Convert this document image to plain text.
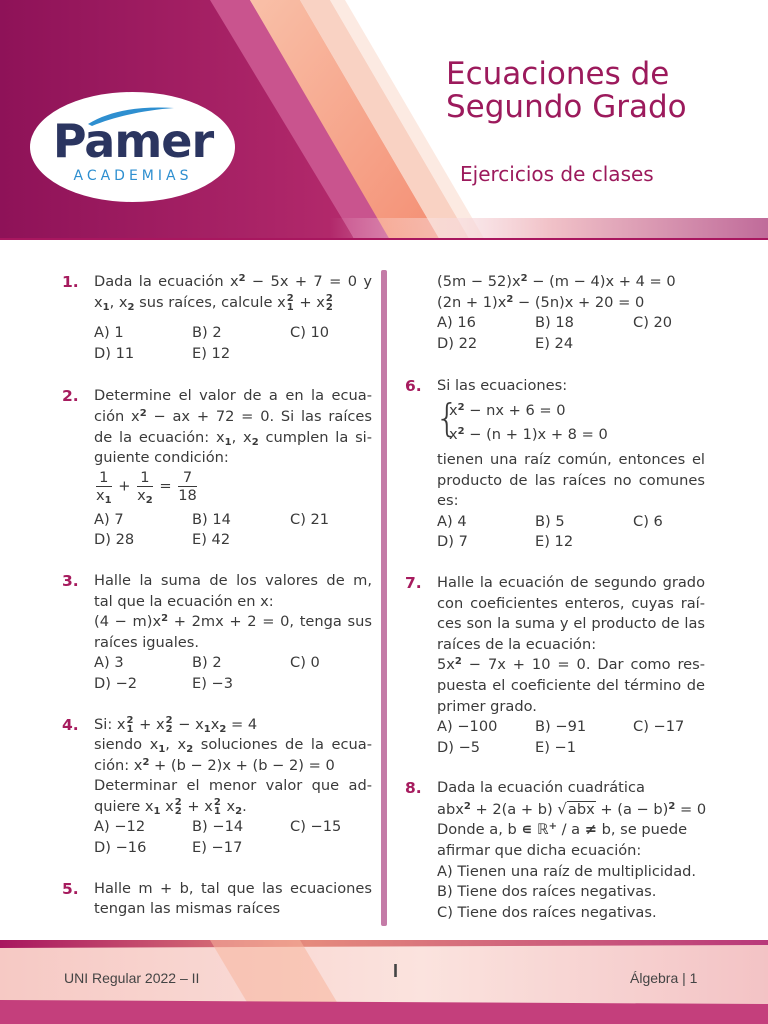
Pamer
ACADEMIAS
Ecuaciones de
Segundo Grado
Ejercicios de clases
1. Dada la ecuación $x^2 - 5x + 7 = 0$ y
$x_1$, $x_2$ sus raíces, calcule x 2
1 + x 2
2
A) 1	B) 2	C) 10
D) 11	E) 12
2. Determine el valor de a en la ecua-
ción $x^2$ − ax + 72 = 0. Si las raíces
de la ecuación: $x_1$, $x_2$ cumplen la si-
guiente condición:
$\frac{1}{x_1} + \frac{1}{x_2} = \frac{7}{18}$
A) 7	B) 14	C) 21
D) 28	E) 42
3. Halle la suma de los valores de m,
tal que la ecuación en x:
$(4 - m)x^2 + 2mx + 2 = 0$, tenga sus
raíces iguales.
A) 3	B) 2	C) 0
D) −2	E) −3
4. Si: x 2
1 + x 2
$2 - x_1x_2 = 4$
siendo $x_1$, $x_2$ soluciones de la ecua-
ción: $x^2 + (b - 2)x + (b - 2) = 0$
Determinar el menor valor que ad-
quiere $x_1$ x 2
2 + x 2
1 $x_2$.
A) −12	B) −14	C) −15
D) −16	E) −17
5. Halle m + b, tal que las ecuaciones
tengan las mismas raíces
$(5m - 52)x^2 - (m - 4)x + 4 = 0$
$(2n + 1)x^2 - (5n)x + 20 = 0$
A) 16	B) 18	C) 20
D) 22	E) 24
6. Si las ecuaciones:
{ $x^2$ − nx + 6 = 0
$x^2 - (n + 1)x + 8 = 0$
tienen una raíz común, entonces el
producto de las raíces no comunes
es:
A) 4	B) 5	C) 6
D) 7	E) 12
7. Halle la ecuación de segundo grado
con coeficientes enteros, cuyas raí-
ces son la suma y el producto de las
raíces de la ecuación:
$5x^2 - 7x + 10 = 0$. Dar como res-
puesta el coeficiente del término de
primer grado.
A) −100	B) −91	C) −17
D) −5	E) −1
8. Dada la ecuación cuadrática
abx$^2$ + 2(a + b) $√abx + (a - b)^2 = 0$
Donde a, b ∊ ℝ+ / a ≠ b, se puede
afirmar que dicha ecuación:
A) Tienen una raíz de multiplicidad.
B) Tiene dos raíces negativas.
C) Tiene dos raíces negativas.
UNI Regular 2022 – II	I	Álgebra | 1
